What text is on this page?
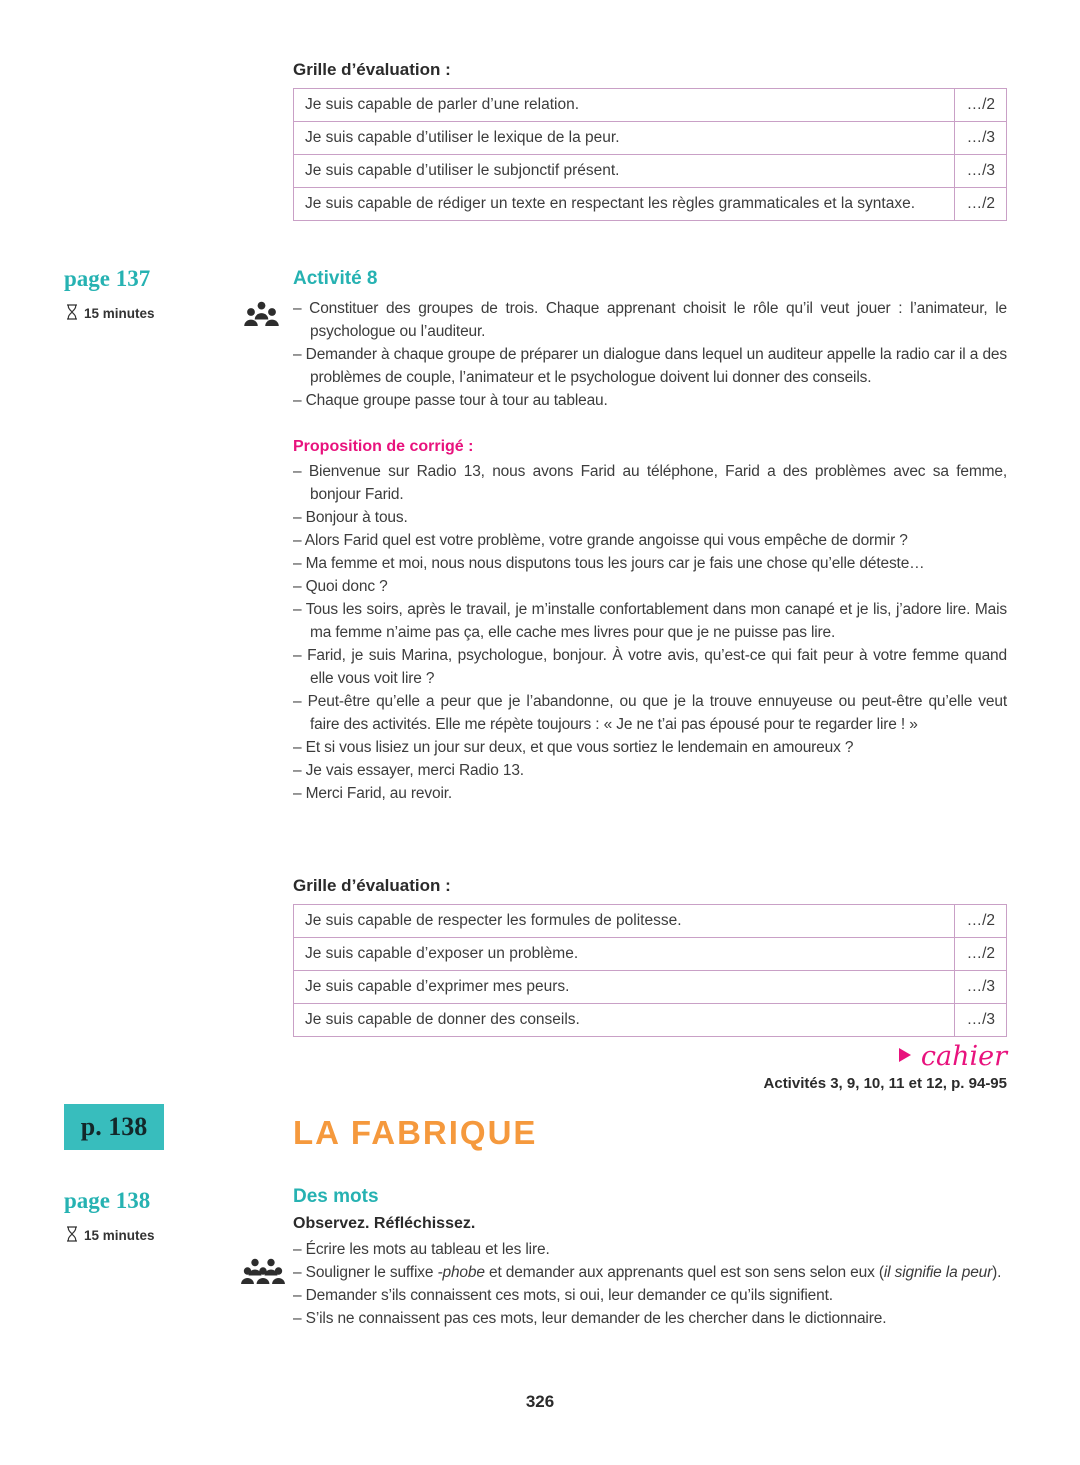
Grille d’évaluation :
Je suis capable de parler d’une relation.	…/2
Je suis capable d’utiliser le lexique de la peur.	…/3
Je suis capable d’utiliser le subjonctif présent.	…/3
Je suis capable de rédiger un texte en respectant les règles grammaticales et la syntaxe.	…/2
page 137
15 minutes
Activité 8
– Constituer des groupes de trois. Chaque apprenant choisit le rôle qu’il veut jouer : l’animateur, le psychologue ou l’auditeur.
– Demander à chaque groupe de préparer un dialogue dans lequel un auditeur appelle la radio car il a des problèmes de couple, l’animateur et le psychologue doivent lui donner des conseils.
– Chaque groupe passe tour à tour au tableau.
Proposition de corrigé :
– Bienvenue sur Radio 13, nous avons Farid au téléphone, Farid a des problèmes avec sa femme, bonjour Farid.
– Bonjour à tous.
– Alors Farid quel est votre problème, votre grande angoisse qui vous empêche de dormir ?
– Ma femme et moi, nous nous disputons tous les jours car je fais une chose qu’elle déteste…
– Quoi donc ?
– Tous les soirs, après le travail, je m’installe confortablement dans mon canapé et je lis, j’adore lire. Mais ma femme n’aime pas ça, elle cache mes livres pour que je ne puisse pas lire.
– Farid, je suis Marina, psychologue, bonjour. À votre avis, qu’est-ce qui fait peur à votre femme quand elle vous voit lire ?
– Peut-être qu’elle a peur que je l’abandonne, ou que je la trouve ennuyeuse ou peut-être qu’elle veut faire des activités. Elle me répète toujours : « Je ne t’ai pas épousé pour te regarder lire ! »
– Et si vous lisiez un jour sur deux, et que vous sortiez le lendemain en amoureux ?
– Je vais essayer, merci Radio 13.
– Merci Farid, au revoir.
Grille d’évaluation :
Je suis capable de respecter les formules de politesse.	…/2
Je suis capable d’exposer un problème.	…/2
Je suis capable d’exprimer mes peurs.	…/3
Je suis capable de donner des conseils.	…/3
cahier
Activités 3, 9, 10, 11 et 12, p. 94-95
p. 138	LA FABRIQUE
page 138
15 minutes
Des mots
Observez. Réfléchissez.
– Écrire les mots au tableau et les lire.
– Souligner le suffixe -phobe et demander aux apprenants quel est son sens selon eux (il signifie la peur).
– Demander s’ils connaissent ces mots, si oui, leur demander ce qu’ils signifient.
– S’ils ne connaissent pas ces mots, leur demander de les chercher dans le dictionnaire.
326
